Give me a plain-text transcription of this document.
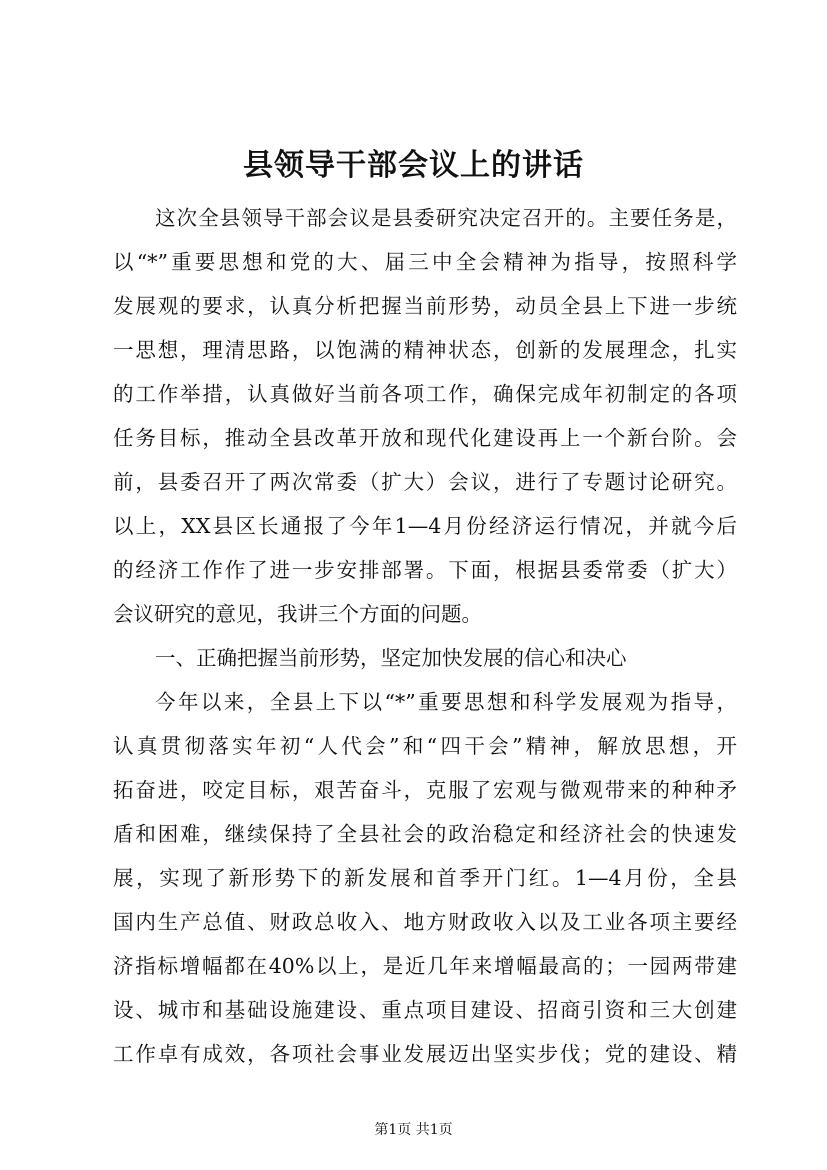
县领导干部会议上的讲话
这次全县领导干部会议是县委研究决定召开的。主要任务是，
以“*”重要思想和党的大、届三中全会精神为指导，按照科学
发展观的要求，认真分析把握当前形势，动员全县上下进一步统
一思想，理清思路，以饱满的精神状态，创新的发展理念，扎实
的工作举措，认真做好当前各项工作，确保完成年初制定的各项
任务目标，推动全县改革开放和现代化建设再上一个新台阶。会
前，县委召开了两次常委（扩大）会议，进行了专题讨论研究。
以上，XX县区长通报了今年1—4月份经济运行情况，并就今后
的经济工作作了进一步安排部署。下面，根据县委常委（扩大）
会议研究的意见，我讲三个方面的问题。
一、正确把握当前形势，坚定加快发展的信心和决心
今年以来，全县上下以“*”重要思想和科学发展观为指导，
认真贯彻落实年初“人代会”和“四干会”精神，解放思想，开
拓奋进，咬定目标，艰苦奋斗，克服了宏观与微观带来的种种矛
盾和困难，继续保持了全县社会的政治稳定和经济社会的快速发
展，实现了新形势下的新发展和首季开门红。1—4月份，全县
国内生产总值、财政总收入、地方财政收入以及工业各项主要经
济指标增幅都在40%以上，是近几年来增幅最高的；一园两带建
设、城市和基础设施建设、重点项目建设、招商引资和三大创建
工作卓有成效，各项社会事业发展迈出坚实步伐；党的建设、精
第1页 共1页
